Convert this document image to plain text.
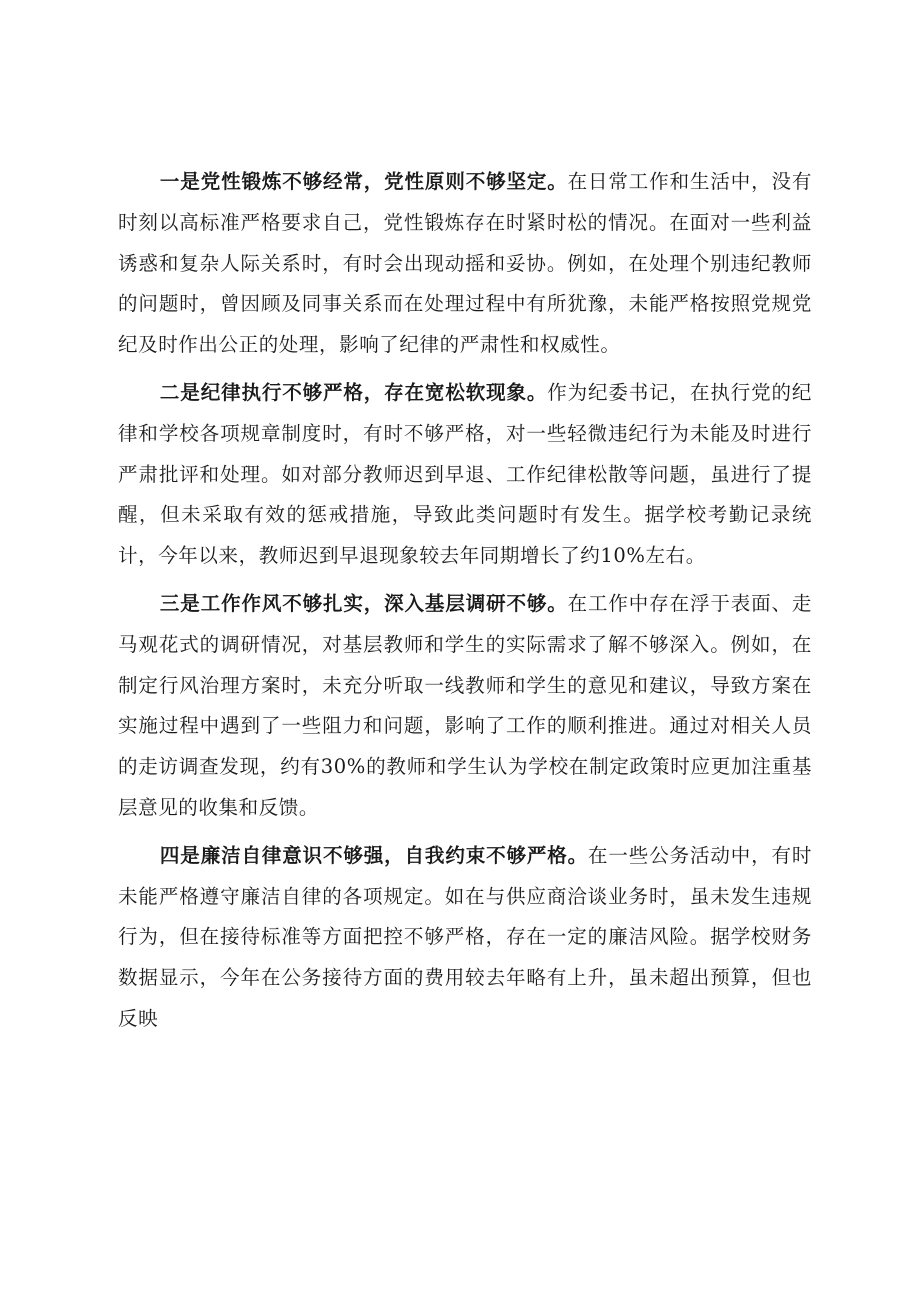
一是党性锻炼不够经常，党性原则不够坚定。在日常工作和生活中，没有时刻以高标准严格要求自己，党性锻炼存在时紧时松的情况。在面对一些利益诱惑和复杂人际关系时，有时会出现动摇和妥协。例如，在处理个别违纪教师的问题时，曾因顾及同事关系而在处理过程中有所犹豫，未能严格按照党规党纪及时作出公正的处理，影响了纪律的严肃性和权威性。

二是纪律执行不够严格，存在宽松软现象。作为纪委书记，在执行党的纪律和学校各项规章制度时，有时不够严格，对一些轻微违纪行为未能及时进行严肃批评和处理。如对部分教师迟到早退、工作纪律松散等问题，虽进行了提醒，但未采取有效的惩戒措施，导致此类问题时有发生。据学校考勤记录统计，今年以来，教师迟到早退现象较去年同期增长了约10%左右。

三是工作作风不够扎实，深入基层调研不够。在工作中存在浮于表面、走马观花式的调研情况，对基层教师和学生的实际需求了解不够深入。例如，在制定行风治理方案时，未充分听取一线教师和学生的意见和建议，导致方案在实施过程中遇到了一些阻力和问题，影响了工作的顺利推进。通过对相关人员的走访调查发现，约有30%的教师和学生认为学校在制定政策时应更加注重基层意见的收集和反馈。

四是廉洁自律意识不够强，自我约束不够严格。在一些公务活动中，有时未能严格遵守廉洁自律的各项规定。如在与供应商洽谈业务时，虽未发生违规行为，但在接待标准等方面把控不够严格，存在一定的廉洁风险。据学校财务数据显示，今年在公务接待方面的费用较去年略有上升，虽未超出预算，但也反映
